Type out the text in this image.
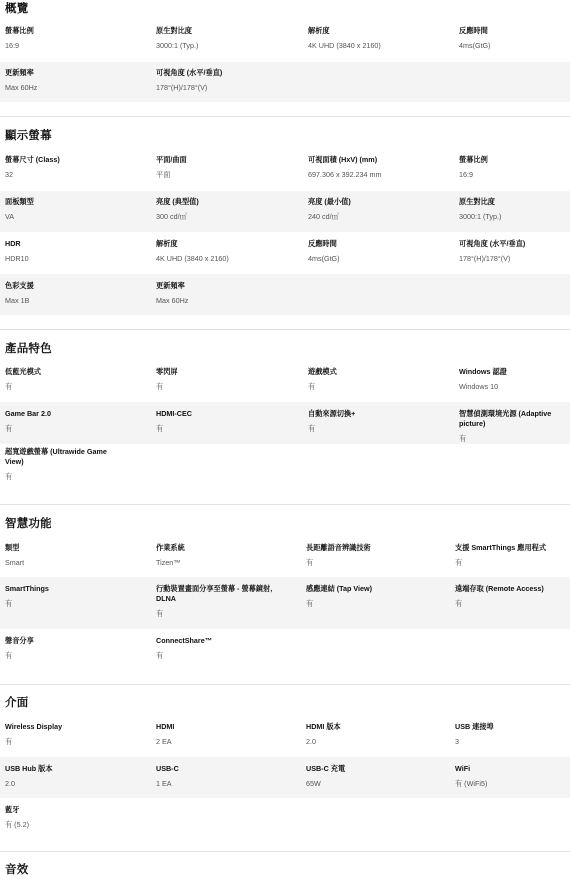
概覽
螢幕比例
16:9
原生對比度
3000:1 (Typ.)
解析度
4K UHD (3840 x 2160)
反應時間
4ms(GtG)
更新頻率
Max 60Hz
可視角度 (水平/垂直)
178°(H)/178°(V)
顯示螢幕
螢幕尺寸 (Class)
32
平面/曲面
平面
可視面積 (HxV) (mm)
697.306 x 392.234 mm
螢幕比例
16:9
面板類型
VA
亮度 (典型值)
300 cd/㎡
亮度 (最小值)
240 cd/㎡
原生對比度
3000:1 (Typ.)
HDR
HDR10
解析度
4K UHD (3840 x 2160)
反應時間
4ms(GtG)
可視角度 (水平/垂直)
178°(H)/178°(V)
色彩支援
Max 1B
更新頻率
Max 60Hz
產品特色
低藍光模式
有
零閃屏
有
遊戲模式
有
Windows 認證
Windows 10
Game Bar 2.0
有
HDMI-CEC
有
自動來源切換+
有
智慧偵測環境光源 (Adaptive picture)
有
超寬遊戲螢幕 (Ultrawide Game View)
有
智慧功能
類型
Smart
作業系統
Tizen™
長距離語音辨識技術
有
支援 SmartThings 應用程式
有
SmartThings
有
行動裝置畫面分享至螢幕 - 螢幕鏡射, DLNA
有
感應連結 (Tap View)
有
遠端存取 (Remote Access)
有
聲音分享
有
ConnectShare™
有
介面
Wireless Display
有
HDMI
2 EA
HDMI 版本
2.0
USB 連接埠
3
USB Hub 版本
2.0
USB-C
1 EA
USB-C 充電
65W
WiFi
有 (WiFi5)
藍牙
有 (5.2)
音效
